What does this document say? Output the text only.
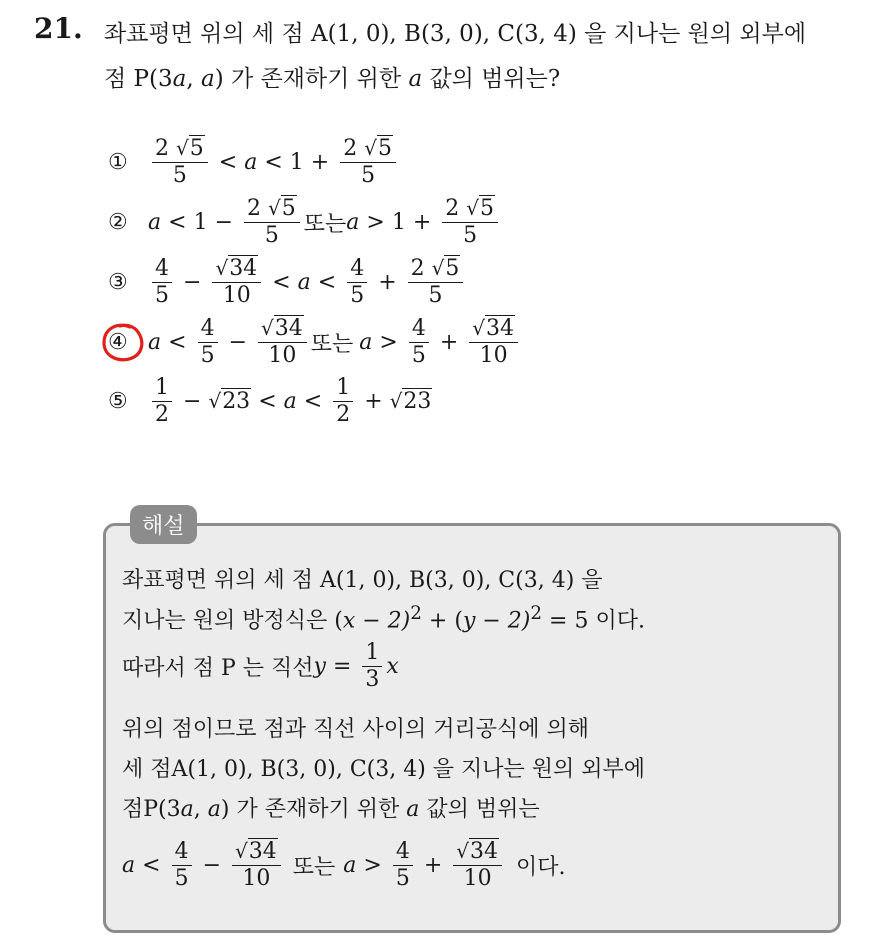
21. 좌표평면 위의 세 점 A(1, 0), B(3, 0), C(3, 4) 을 지나는 원의 외부에
점 P(3a, a) 가 존재하기 위한 a 값의 범위는?
①	$\frac{2 √5}{5} < a < 1 + \frac{2 √5}{5}$
② $a < 1 - \frac{2 √5}{5}$ 또는 $a > 1 + \frac{2 √5}{5}$
③	$\frac{4}{5} - \frac{√34}{10} < a < \frac{4}{5} + \frac{2 √5}{5}$
④ $a < \frac{4}{5} - \frac{√34}{10}$ 또는 $a > \frac{4}{5} + \frac{√34}{10}$
⑤	$\frac{1}{2} - √23 < a < \frac{1}{2} + √23$
해설
좌표평면 위의 세 점 A(1, 0), B(3, 0), C(3, 4) 을
지나는 원의 방정식은 $(x - 2)^2 + (y - 2)^2 = 5$ 이다.
따라서 점 P 는 직선 $y = \frac{1}{3}$ x
위의 점이므로 점과 직선 사이의 거리공식에 의해
세 점A(1, 0), B(3, 0), C(3, 4) 을 지나는 원의 외부에
점P(3a, a) 가 존재하기 위한 a 값의 범위는
$a < \frac{4}{5} - \frac{√34}{10}$ 또는 $a > \frac{4}{5} + \frac{√34}{10}$ 이다.
